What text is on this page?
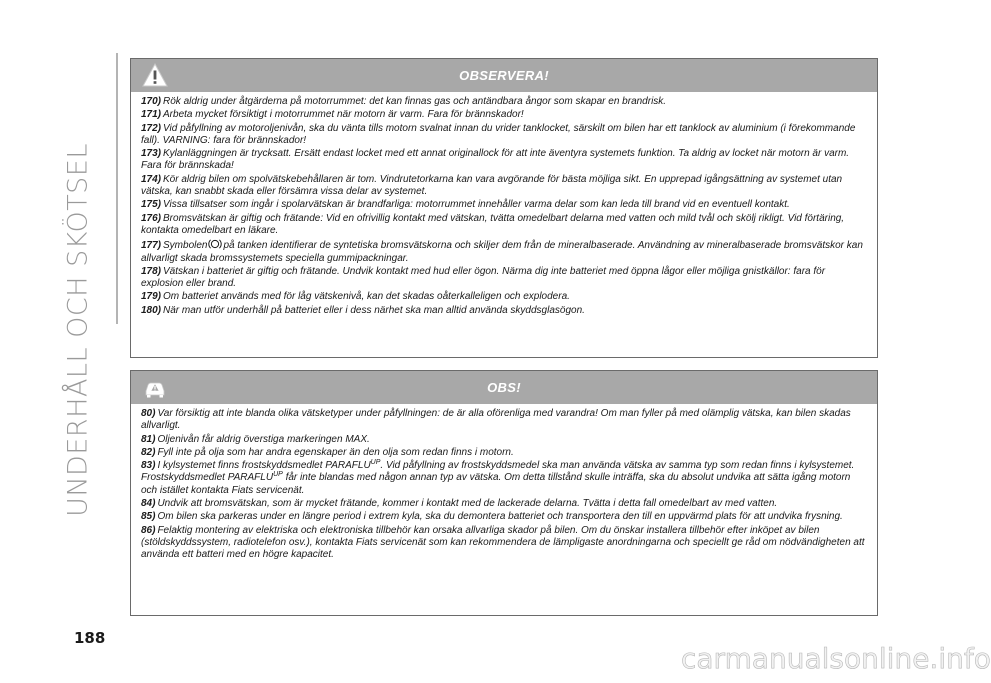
UNDERHÅLL OCH SKÖTSEL
OBSERVERA!
170) Rök aldrig under åtgärderna på motorrummet: det kan finnas gas och antändbara ångor som skapar en brandrisk.
171) Arbeta mycket försiktigt i motorrummet när motorn är varm. Fara för brännskador!
172) Vid påfyllning av motoroljenivån, ska du vänta tills motorn svalnat innan du vrider tanklocket, särskilt om bilen har ett tanklock av aluminium (i förekommande fall). VARNING: fara för brännskador!
173) Kylanläggningen är trycksatt. Ersätt endast locket med ett annat originallock för att inte äventyra systemets funktion. Ta aldrig av locket när motorn är varm. Fara för brännskada!
174) Kör aldrig bilen om spolvätskebehållaren är tom. Vindrutetorkarna kan vara avgörande för bästa möjliga sikt. En upprepad igångsättning av systemet utan vätska, kan snabbt skada eller försämra vissa delar av systemet.
175) Vissa tillsatser som ingår i spolarvätskan är brandfarliga: motorrummet innehåller varma delar som kan leda till brand vid en eventuell kontakt.
176) Bromsvätskan är giftig och frätande: Vid en ofrivillig kontakt med vätskan, tvätta omedelbart delarna med vatten och mild tvål och skölj rikligt. Vid förtäring, kontakta omedelbart en läkare.
177) Symbolen på tanken identifierar de syntetiska bromsvätskorna och skiljer dem från de mineralbaserade. Användning av mineralbaserade bromsvätskor kan allvarligt skada bromssystemets speciella gummipackningar.
178) Vätskan i batteriet är giftig och frätande. Undvik kontakt med hud eller ögon. Närma dig inte batteriet med öppna lågor eller möjliga gnistkällor: fara för explosion eller brand.
179) Om batteriet används med för låg vätskenivå, kan det skadas oåterkalleligen och explodera.
180) När man utför underhåll på batteriet eller i dess närhet ska man alltid använda skyddsglasögon.
OBS!
80) Var försiktig att inte blanda olika vätsketyper under påfyllningen: de är alla oförenliga med varandra! Om man fyller på med olämplig vätska, kan bilen skadas allvarligt.
81) Oljenivån får aldrig överstiga markeringen MAX.
82) Fyll inte på olja som har andra egenskaper än den olja som redan finns i motorn.
83) I kylsystemet finns frostskyddsmedlet $PARAFLU^{UP}$. Vid påfyllning av frostskyddsmedel ska man använda vätska av samma typ som redan finns i kylsystemet. Frostskyddsmedlet $PARAFLU^{UP}$ får inte blandas med någon annan typ av vätska. Om detta tillstånd skulle inträffa, ska du absolut undvika att sätta igång motorn och istället kontakta Fiats servicenät.
84) Undvik att bromsvätskan, som är mycket frätande, kommer i kontakt med de lackerade delarna. Tvätta i detta fall omedelbart av med vatten.
85) Om bilen ska parkeras under en längre period i extrem kyla, ska du demontera batteriet och transportera den till en uppvärmd plats för att undvika frysning.
86) Felaktig montering av elektriska och elektroniska tillbehör kan orsaka allvarliga skador på bilen. Om du önskar installera tillbehör efter inköpet av bilen (stöldskyddssystem, radiotelefon osv.), kontakta Fiats servicenät som kan rekommendera de lämpligaste anordningarna och speciellt ge råd om nödvändigheten att använda ett batteri med en högre kapacitet.
188
carmanualsonline.info
